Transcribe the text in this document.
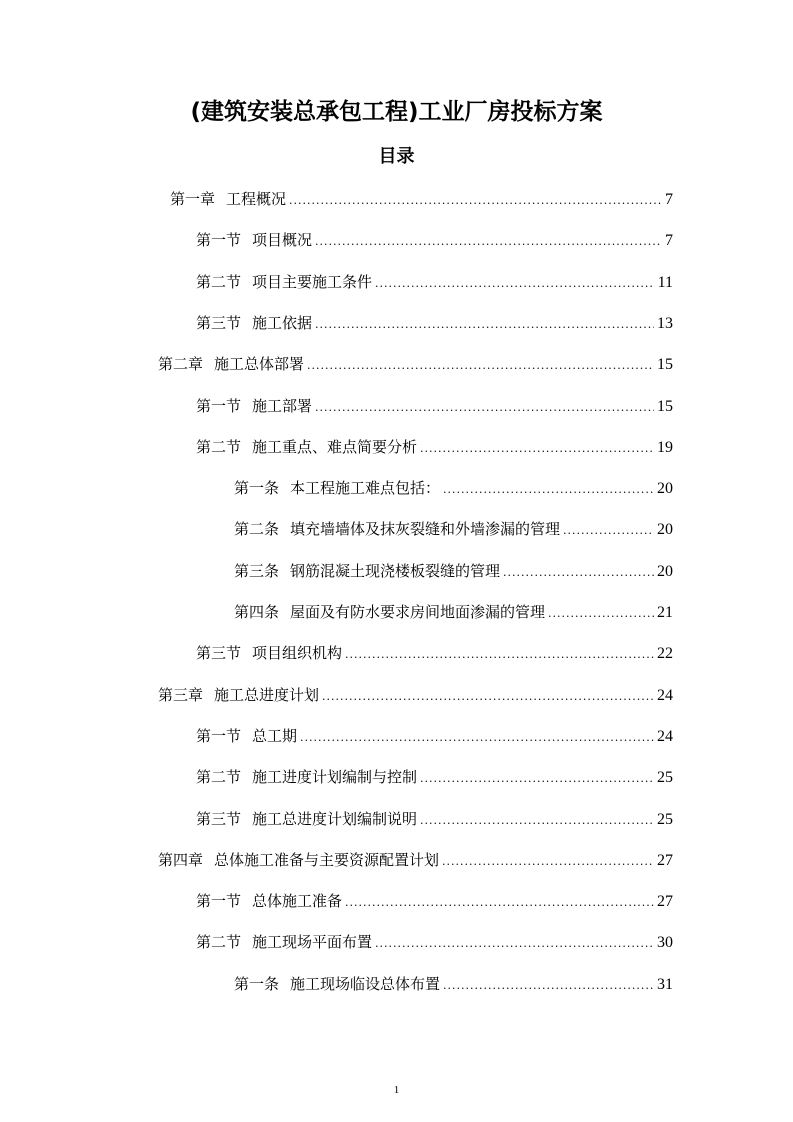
(建筑安装总承包工程)工业厂房投标方案
目录
第一章 工程概况 .....	7
第一节 项目概况 .....	7
第二节 项目主要施工条件 .....	11
第三节 施工依据 .....	13
第二章 施工总体部署 .....	15
第一节 施工部署 .....	15
第二节 施工重点、难点简要分析 .....	19
第一条 本工程施工难点包括： .....	20
第二条 填充墙墙体及抹灰裂缝和外墙渗漏的管理 .....	20
第三条 钢筋混凝土现浇楼板裂缝的管理 .....	20
第四条 屋面及有防水要求房间地面渗漏的管理 .....	21
第三节 项目组织机构 .....	22
第三章 施工总进度计划 .....	24
第一节 总工期 .....	24
第二节 施工进度计划编制与控制 .....	25
第三节 施工总进度计划编制说明 .....	25
第四章 总体施工准备与主要资源配置计划 .....	27
第一节 总体施工准备 .....	27
第二节 施工现场平面布置 .....	30
第一条 施工现场临设总体布置 .....	31
1
